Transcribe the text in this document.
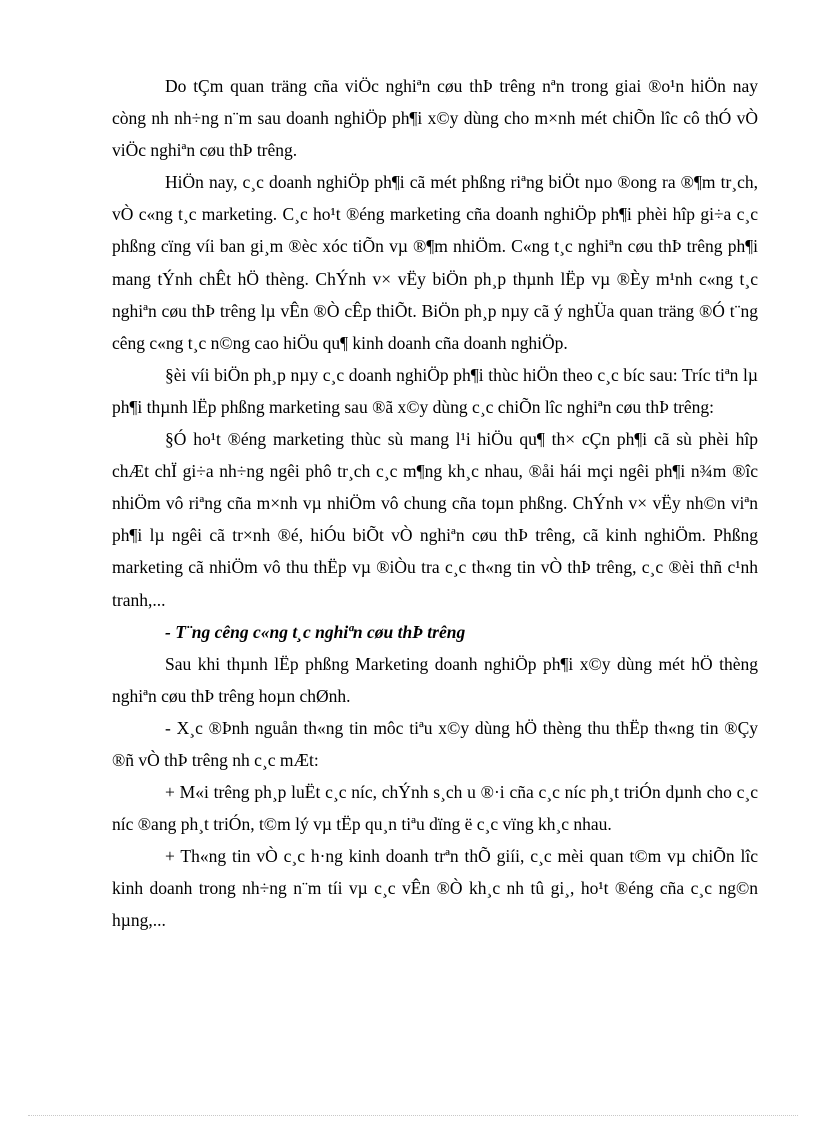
Do tÇm quan träng cña viÖc nghiªn cøu thÞ trêng nªn trong giai ®o¹n hiÖn nay còng nh nh÷ng n¨m sau doanh nghiÖp ph¶i x©y dùng cho m×nh mét chiÕn lîc cô thÓ vÒ viÖc nghiªn cøu thÞ trêng.

HiÖn nay, c¸c doanh nghiÖp ph¶i cã mét phßng riªng biÖt nµo ®ong ra ®¶m tr¸ch, vÒ c«ng t¸c marketing. C¸c ho¹t ®éng marketing cña doanh nghiÖp ph¶i phèi hîp gi÷a c¸c phßng cïng víi ban gi¸m ®èc xóc tiÕn vµ ®¶m nhiÖm. C«ng t¸c nghiªn cøu thÞ trêng ph¶i mang tÝnh chÊt hÖ thèng. ChÝnh v× vËy biÖn ph¸p thµnh lËp vµ ®Èy m¹nh c«ng t¸c nghiªn cøu thÞ trêng lµ vÊn ®Ò cÊp thiÕt. BiÖn ph¸p nµy cã ý nghÜa quan träng ®Ó t¨ng cêng c«ng t¸c n©ng cao hiÖu qu¶ kinh doanh cña doanh nghiÖp.

§èi víi biÖn ph¸p nµy c¸c doanh nghiÖp ph¶i thùc hiÖn theo c¸c bíc sau: Tríc tiªn lµ ph¶i thµnh lËp phßng marketing sau ®ã x©y dùng c¸c chiÕn lîc nghiªn cøu thÞ trêng:

§Ó ho¹t ®éng marketing thùc sù mang l¹i hiÖu qu¶ th× cÇn ph¶i cã sù phèi hîp chÆt chÏ gi÷a nh÷ng ngêi phô tr¸ch c¸c m¶ng kh¸c nhau, ®åi hái mçi ngêi ph¶i n¾m ®îc nhiÖm vô riªng cña m×nh vµ nhiÖm vô chung cña toµn phßng. ChÝnh v× vËy nh©n viªn ph¶i lµ ngêi cã tr×nh ®é, hiÓu biÕt vÒ nghiªn cøu thÞ trêng, cã kinh nghiÖm. Phßng marketing cã nhiÖm vô thu thËp vµ ®iÒu tra c¸c th«ng tin vÒ thÞ trêng, c¸c ®èi thñ c¹nh tranh,...

- T¨ng cêng c«ng t¸c nghiªn cøu thÞ trêng

Sau khi thµnh lËp phßng Marketing doanh nghiÖp ph¶i x©y dùng mét hÖ thèng nghiªn cøu thÞ trêng hoµn chØnh.

- X¸c ®Þnh nguån th«ng tin môc tiªu x©y dùng hÖ thèng thu thËp th«ng tin ®Çy ®ñ vÒ thÞ trêng nh c¸c mÆt:

+ M«i trêng ph¸p luËt c¸c níc, chÝnh s¸ch u ®·i cña c¸c níc ph¸t triÓn dµnh cho c¸c níc ®ang ph¸t triÓn, t©m lý vµ tËp qu¸n tiªu dïng ë c¸c vïng kh¸c nhau.

+ Th«ng tin vÒ c¸c h·ng kinh doanh trªn thÕ giíi, c¸c mèi quan t©m vµ chiÕn lîc kinh doanh trong nh÷ng n¨m tíi vµ c¸c vÊn ®Ò kh¸c nh tû gi¸, ho¹t ®éng cña c¸c ng©n hµng,...
